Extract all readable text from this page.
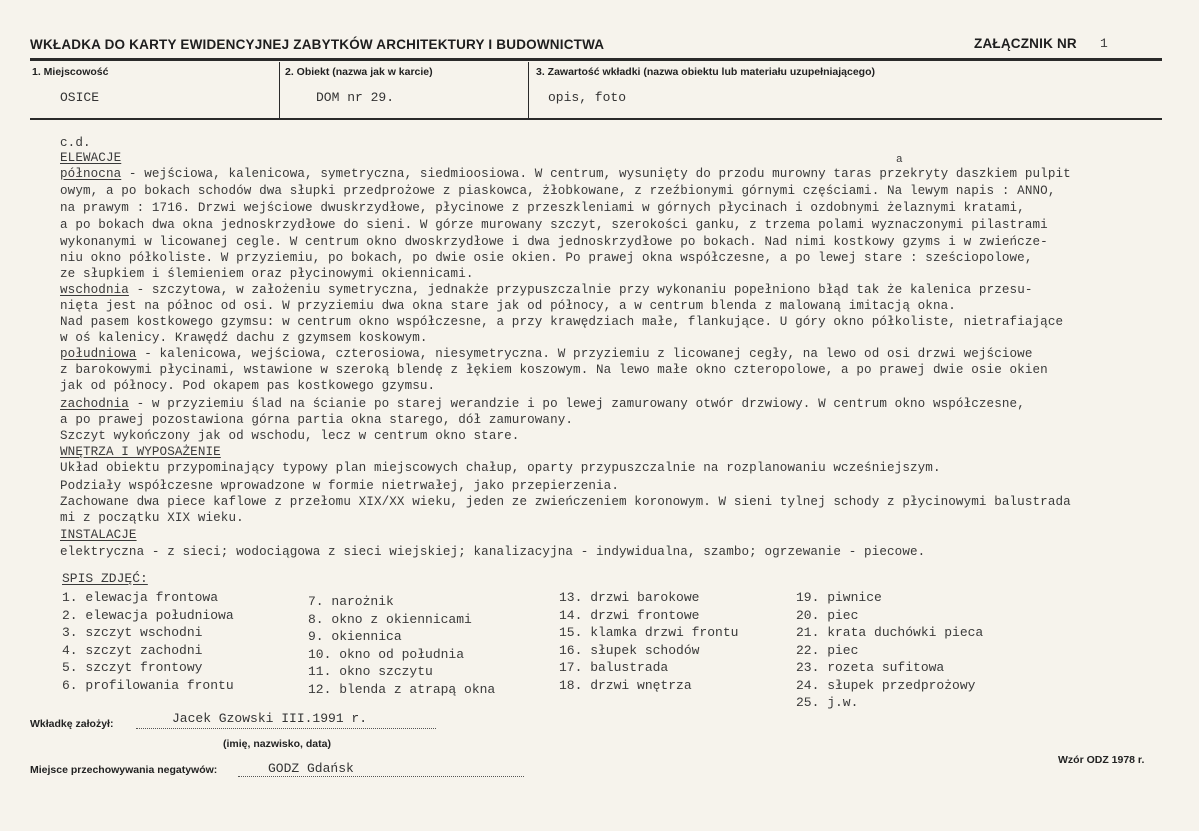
WKŁADKA DO KARTY EWIDENCYJNEJ ZABYTKÓW ARCHITEKTURY I BUDOWNICTWA	ZAŁĄCZNIK NR 1
1. Miejscowość
OSICE
2. Obiekt (nazwa jak w karcie)
DOM nr 29.
3. Zawartość wkładki (nazwa obiektu lub materiału uzupełniającego)
opis, foto
c.d.
ELEWACJE	a
północna - wejściowa, kalenicowa, symetryczna, siedmioosiowa. W centrum, wysunięty do przodu murowny taras przekryty daszkiem pulpit
owym, a po bokach schodów dwa słupki przedprożowe z piaskowca, żłobkowane, z rzeźbionymi górnymi częściami. Na lewym napis : ANNO,
na prawym : 1716. Drzwi wejściowe dwuskrzydłowe, płycinowe z przeszkleniami w górnych płycinach i ozdobnymi żelaznymi kratami,
a po bokach dwa okna jednoskrzydłowe do sieni. W górze murowany szczyt, szerokości ganku, z trzema polami wyznaczonymi pilastrami
wykonanymi w licowanej cegle. W centrum okno dwoskrzydłowe i dwa jednoskrzydłowe po bokach. Nad nimi kostkowy gzyms i w zwieńcze-
niu okno półkoliste. W przyziemiu, po bokach, po dwie osie okien. Po prawej okna współczesne, a po lewej stare : sześciopolowe,
ze słupkiem i ślemieniem oraz płycinowymi okiennicami.
wschodnia - szczytowa, w założeniu symetryczna, jednakże przypuszczalnie przy wykonaniu popełniono błąd tak że kalenica przesu-
nięta jest na północ od osi. W przyziemiu dwa okna stare jak od północy, a w centrum blenda z malowaną imitacją okna.
Nad pasem kostkowego gzymsu: w centrum okno współczesne, a przy krawędziach małe, flankujące. U góry okno półkoliste, nietrafiające
w oś kalenicy. Krawędź dachu z gzymsem koskowym.
południowa - kalenicowa, wejściowa, czterosiowa, niesymetryczna. W przyziemiu z licowanej cegły, na lewo od osi drzwi wejściowe
z barokowymi płycinami, wstawione w szeroką blendę z łękiem koszowym. Na lewo małe okno czteropolowe, a po prawej dwie osie okien
jak od północy. Pod okapem pas kostkowego gzymsu.
zachodnia - w przyziemiu ślad na ścianie po starej werandzie i po lewej zamurowany otwór drzwiowy. W centrum okno współczesne,
a po prawej pozostawiona górna partia okna starego, dół zamurowany.
Szczyt wykończony jak od wschodu, lecz w centrum okno stare.
WNĘTRZA I WYPOSAŻENIE
Układ obiektu przypominający typowy plan miejscowych chałup, oparty przypuszczalnie na rozplanowaniu wcześniejszym.
Podziały współczesne wprowadzone w formie nietrwałej, jako przepierzenia.
Zachowane dwa piece kaflowe z przełomu XIX/XX wieku, jeden ze zwieńczeniem koronowym. W sieni tylnej schody z płycinowymi balustrada
mi z początku XIX wieku.
INSTALACJE
elektryczna - z sieci; wodociągowa z sieci wiejskiej; kanalizacyjna - indywidualna, szambo; ogrzewanie - piecowe.
SPIS ZDJĘĆ:
1. elewacja frontowa
2. elewacja południowa
3. szczyt wschodni
4. szczyt zachodni
5. szczyt frontowy
6. profilowania frontu
7. narożnik
8. okno z okiennicami
9. okiennica
10. okno od południa
11. okno szczytu
12. blenda z atrapą okna
13. drzwi barokowe
14. drzwi frontowe
15. klamka drzwi frontu
16. słupek schodów
17. balustrada
18. drzwi wnętrza
19. piwnice
20. piec
21. krata duchówki pieca
22. piec
23. rozeta sufitowa
24. słupek przedprożowy
25. j.w.
Wkładkę założył:	Jacek Gzowski III.1991 r.
(imię, nazwisko, data)
Miejsce przechowywania negatywów:	GODZ Gdańsk
Wzór ODZ 1978 r.
